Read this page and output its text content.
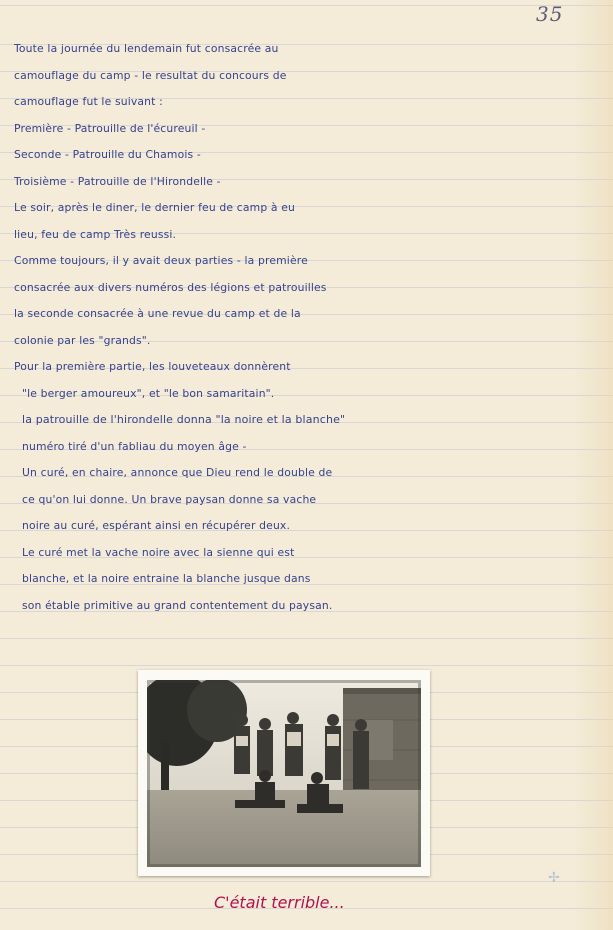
35
Toute la journée du lendemain fut consacrée au
camouflage du camp - le resultat du concours de
camouflage fut le suivant :
Première - Patrouille de l'écureuil -
Seconde - Patrouille du Chamois -
Troisième - Patrouille de l'Hirondelle -
Le soir, après le diner, le dernier feu de camp à eu
lieu, feu de camp Très reussi.
Comme toujours, il y avait deux parties - la première
consacrée aux divers numéros des légions et patrouilles
la seconde consacrée à une revue du camp et de la
colonie par les "grands".
Pour la première partie, les louveteaux donnèrent
"le berger amoureux", et "le bon samaritain".
la patrouille de l'hirondelle donna "la noire et la blanche"
numéro tiré d'un fabliau du moyen âge -
Un curé, en chaire, annonce que Dieu rend le double de
ce qu'on lui donne. Un brave paysan donne sa vache
noire au curé, espérant ainsi en récupérer deux.
Le curé met la vache noire avec la sienne qui est
blanche, et la noire entraine la blanche jusque dans
son étable primitive au grand contentement du paysan.
C'était terrible...
✢
